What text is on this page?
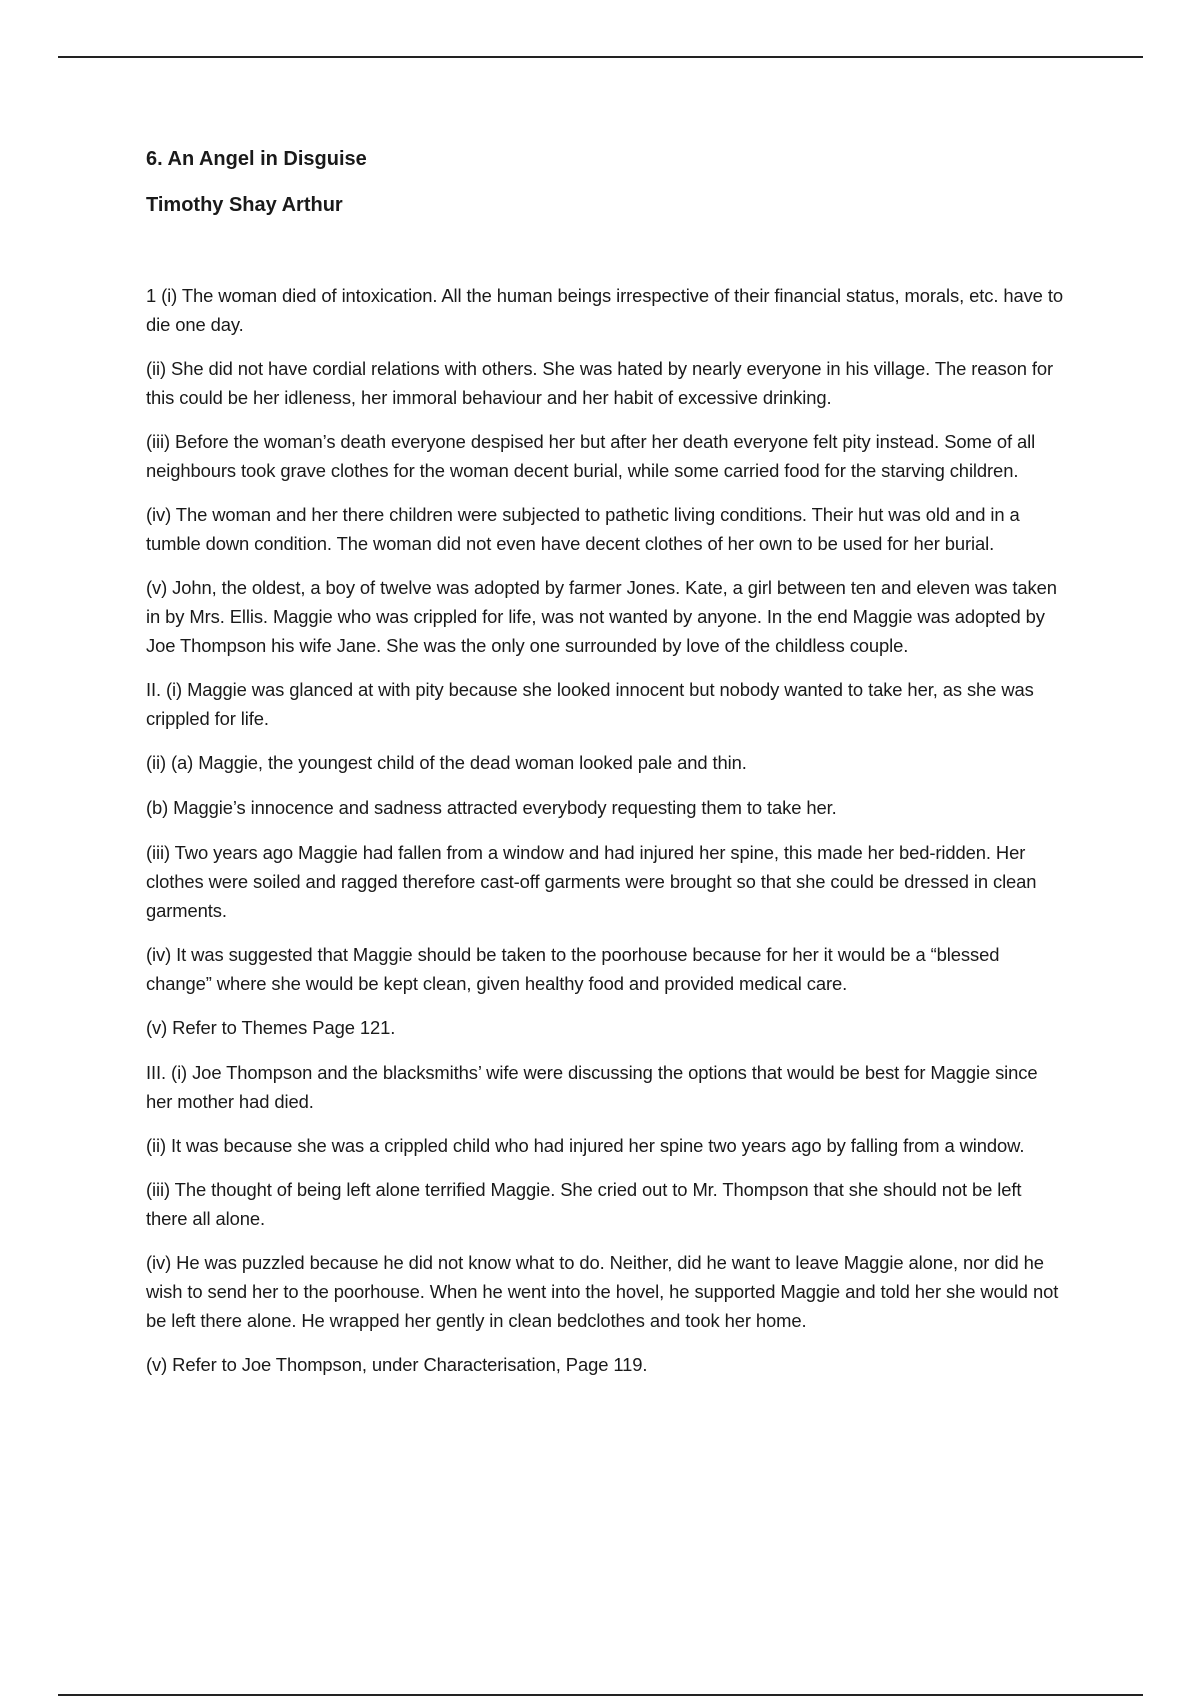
6. An Angel in Disguise
Timothy Shay Arthur

1 (i) The woman died of intoxication. All the human beings irrespective of their financial status, morals, etc. have to die one day.

(ii) She did not have cordial relations with others. She was hated by nearly everyone in his village. The reason for this could be her idleness, her immoral behaviour and her habit of excessive drinking.

(iii) Before the woman’s death everyone despised her but after her death everyone felt pity instead. Some of all neighbours took grave clothes for the woman decent burial, while some carried food for the starving children.

(iv) The woman and her there children were subjected to pathetic living conditions. Their hut was old and in a tumble down condition. The woman did not even have decent clothes of her own to be used for her burial.

(v) John, the oldest, a boy of twelve was adopted by farmer Jones. Kate, a girl between ten and eleven was taken in by Mrs. Ellis. Maggie who was crippled for life, was not wanted by anyone. In the end Maggie was adopted by Joe Thompson his wife Jane. She was the only one surrounded by love of the childless couple.

II. (i) Maggie was glanced at with pity because she looked innocent but nobody wanted to take her, as she was crippled for life.

(ii) (a) Maggie, the youngest child of the dead woman looked pale and thin.

(b) Maggie’s innocence and sadness attracted everybody requesting them to take her.

(iii) Two years ago Maggie had fallen from a window and had injured her spine, this made her bed-ridden. Her clothes were soiled and ragged therefore cast-off garments were brought so that she could be dressed in clean garments.

(iv) It was suggested that Maggie should be taken to the poorhouse because for her it would be a “blessed change” where she would be kept clean, given healthy food and provided medical care.

(v) Refer to Themes Page 121.

III. (i) Joe Thompson and the blacksmiths’ wife were discussing the options that would be best for Maggie since her mother had died.

(ii) It was because she was a crippled child who had injured her spine two years ago by falling from a window.

(iii) The thought of being left alone terrified Maggie. She cried out to Mr. Thompson that she should not be left there all alone.

(iv) He was puzzled because he did not know what to do. Neither, did he want to leave Maggie alone, nor did he wish to send her to the poorhouse. When he went into the hovel, he supported Maggie and told her she would not be left there alone. He wrapped her gently in clean bedclothes and took her home.

(v) Refer to Joe Thompson, under Characterisation, Page 119.
